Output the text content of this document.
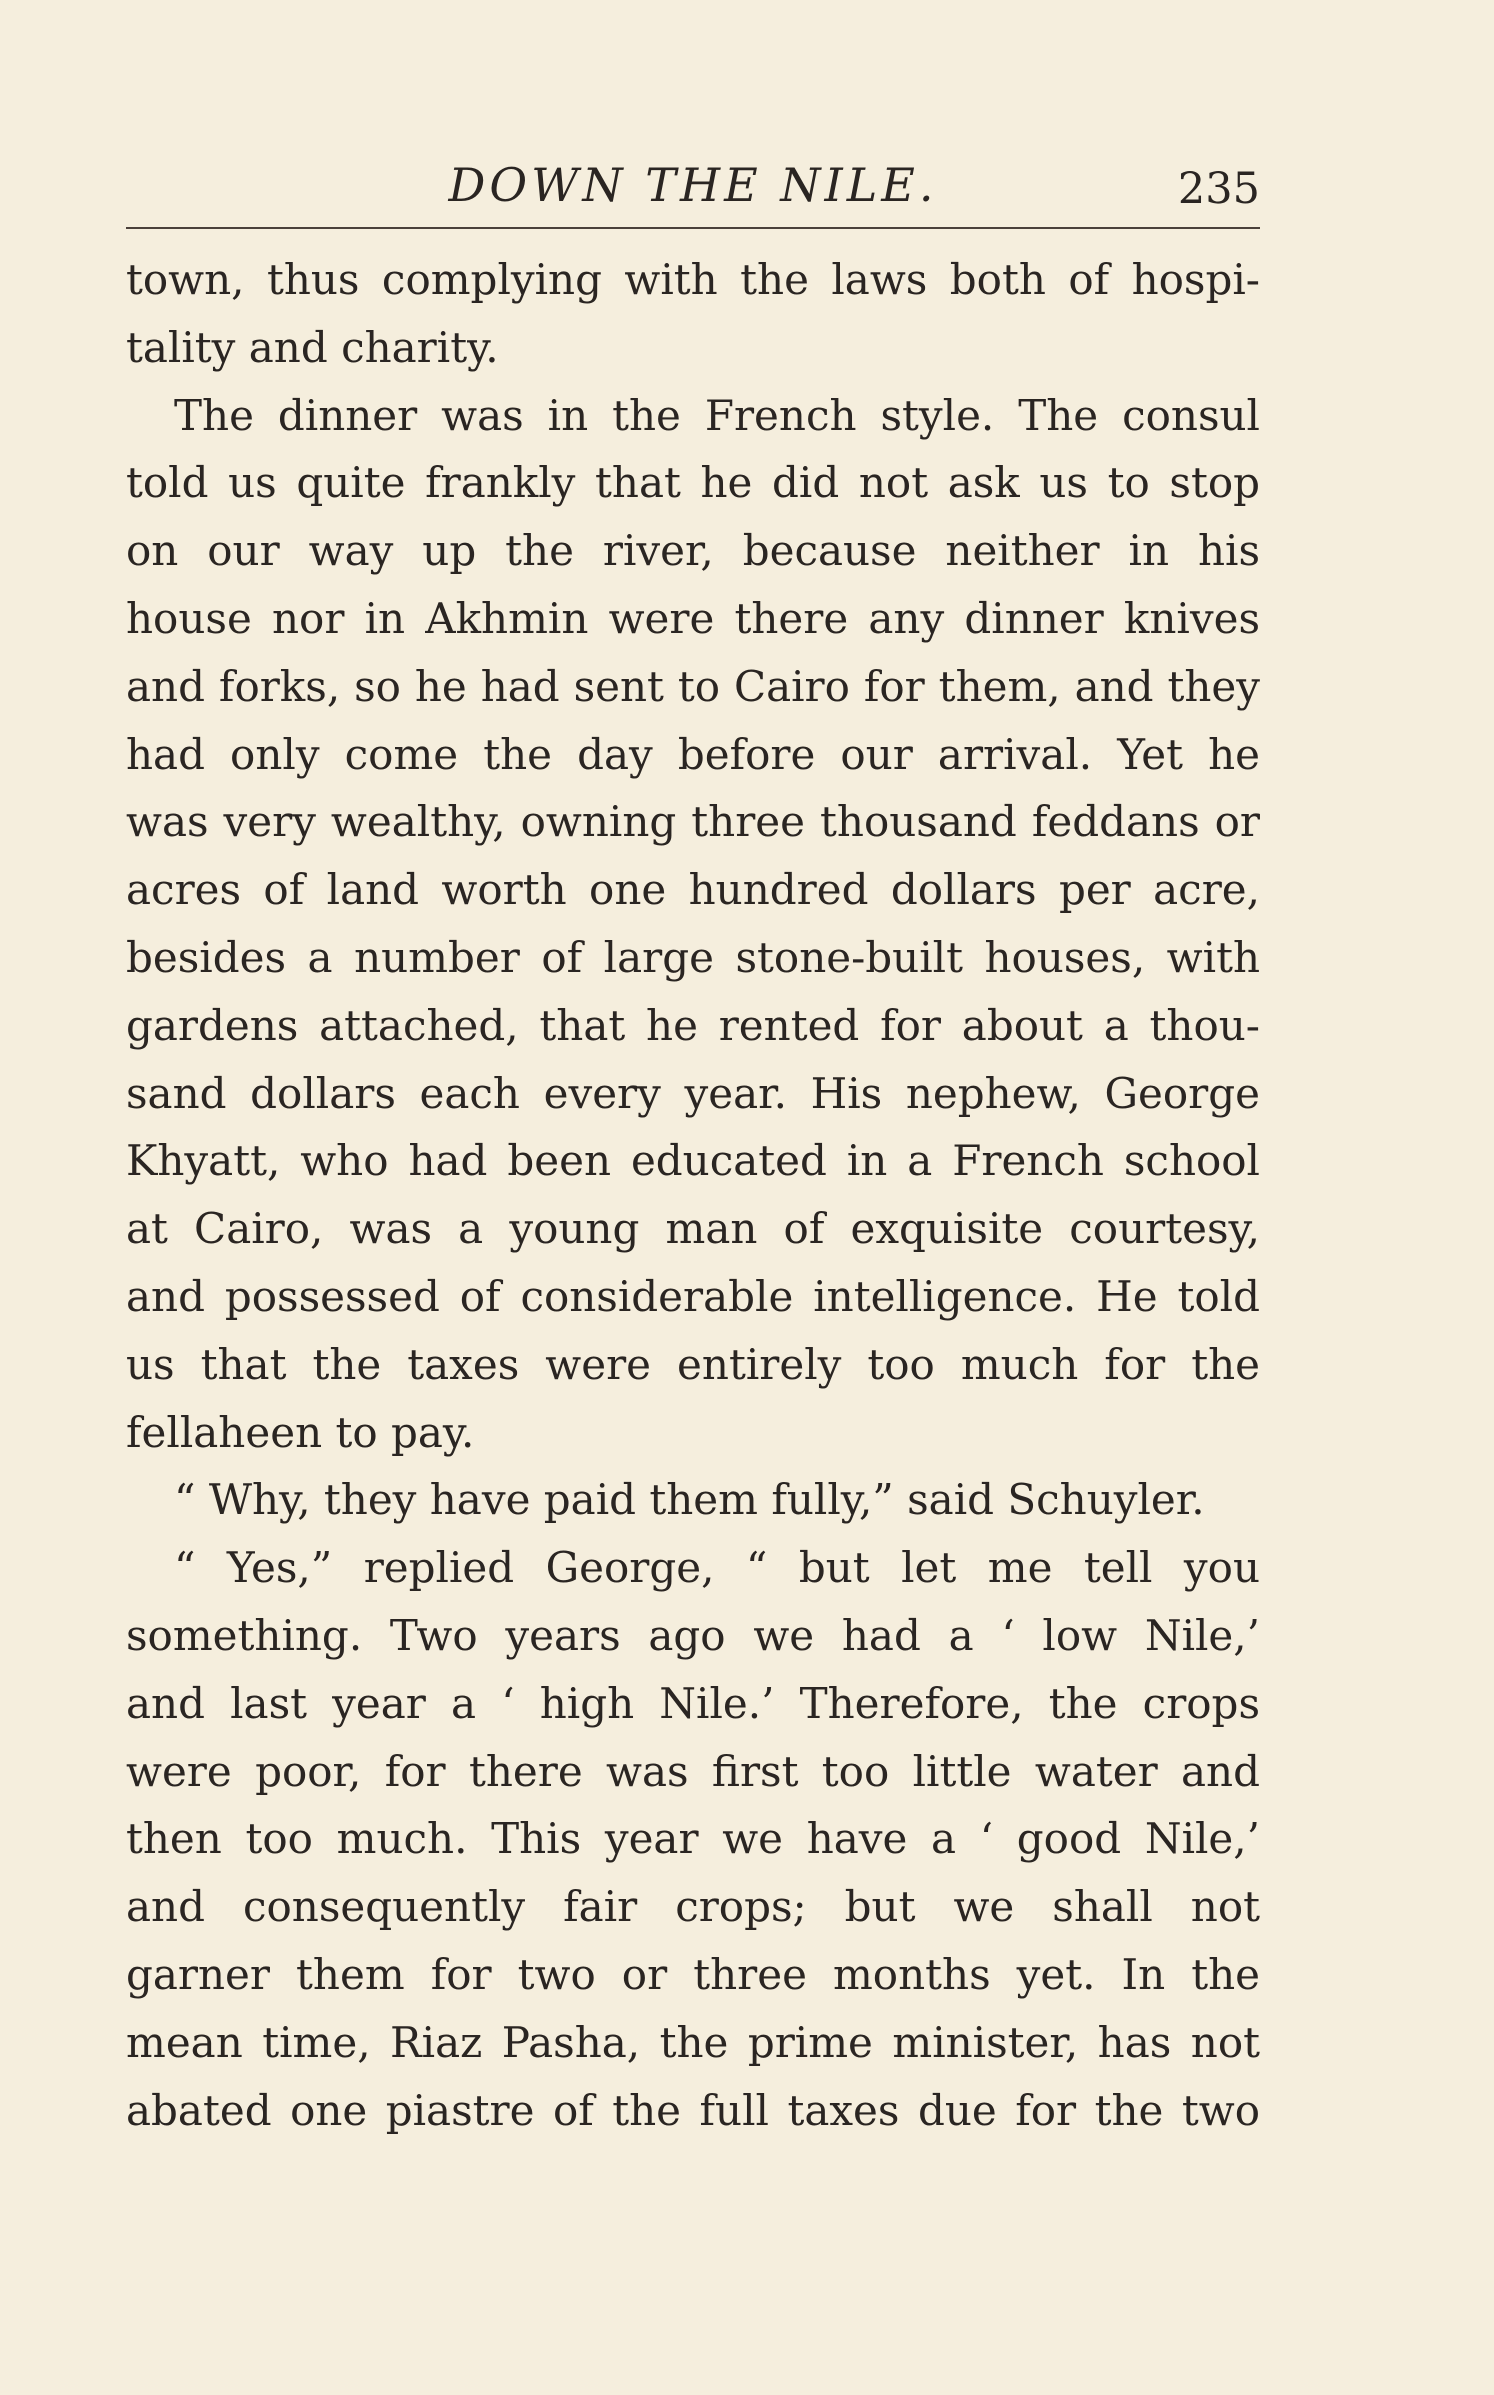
DOWN THE NILE.	235
town, thus complying with the laws both of hospi-
tality and charity.
The dinner was in the French style. The consul
told us quite frankly that he did not ask us to stop
on our way up the river, because neither in his
house nor in Akhmin were there any dinner knives
and forks, so he had sent to Cairo for them, and they
had only come the day before our arrival. Yet he
was very wealthy, owning three thousand feddans or
acres of land worth one hundred dollars per acre,
besides a number of large stone-built houses, with
gardens attached, that he rented for about a thou-
sand dollars each every year. His nephew, George
Khyatt, who had been educated in a French school
at Cairo, was a young man of exquisite courtesy,
and possessed of considerable intelligence. He told
us that the taxes were entirely too much for the
fellaheen to pay.
“ Why, they have paid them fully,” said Schuyler.
“ Yes,” replied George, “ but let me tell you
something. Two years ago we had a ‘ low Nile,’
and last year a ‘ high Nile.’ Therefore, the crops
were poor, for there was first too little water and
then too much. This year we have a ‘ good Nile,’
and consequently fair crops; but we shall not
garner them for two or three months yet. In the
mean time, Riaz Pasha, the prime minister, has not
abated one piastre of the full taxes due for the two
